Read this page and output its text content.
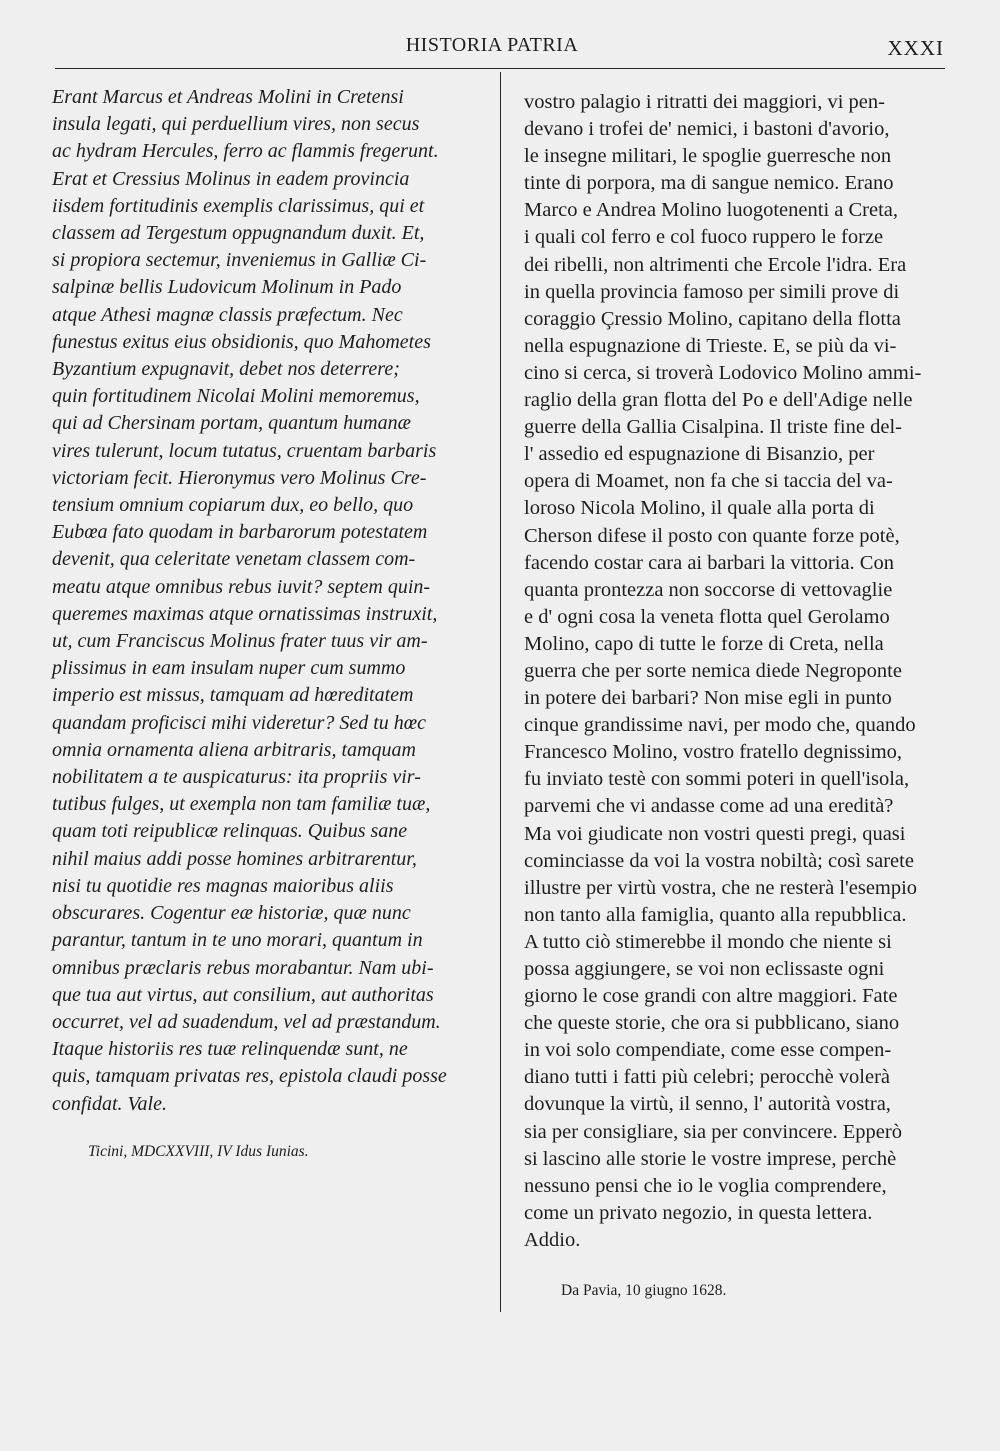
HISTORIA PATRIA	XXXI
Erant Marcus et Andreas Molini in Cretensi
insula legati, qui perduellium vires, non secus
ac hydram Hercules, ferro ac flammis fregerunt.
Erat et Cressius Molinus in eadem provincia
iisdem fortitudinis exemplis clarissimus, qui et
classem ad Tergestum oppugnandum duxit. Et,
si propiora sectemur, inveniemus in Galliæ Ci-
salpinæ bellis Ludovicum Molinum in Pado
atque Athesi magnæ classis præfectum. Nec
funestus exitus eius obsidionis, quo Mahometes
Byzantium expugnavit, debet nos deterrere;
quin fortitudinem Nicolai Molini memoremus,
qui ad Chersinam portam, quantum humanæ
vires tulerunt, locum tutatus, cruentam barbaris
victoriam fecit. Hieronymus vero Molinus Cre-
tensium omnium copiarum dux, eo bello, quo
Eubœa fato quodam in barbarorum potestatem
devenit, qua celeritate venetam classem com-
meatu atque omnibus rebus iuvit? septem quin-
queremes maximas atque ornatissimas instruxit,
ut, cum Franciscus Molinus frater tuus vir am-
plissimus in eam insulam nuper cum summo
imperio est missus, tamquam ad hœreditatem
quandam proficisci mihi videretur? Sed tu hœc
omnia ornamenta aliena arbitraris, tamquam
nobilitatem a te auspicaturus: ita propriis vir-
tutibus fulges, ut exempla non tam familiæ tuæ,
quam toti reipublicæ relinquas. Quibus sane
nihil maius addi posse homines arbitrarentur,
nisi tu quotidie res magnas maioribus aliis
obscurares. Cogentur eæ historiæ, quæ nunc
parantur, tantum in te uno morari, quantum in
omnibus præclaris rebus morabantur. Nam ubi-
que tua aut virtus, aut consilium, aut authoritas
occurret, vel ad suadendum, vel ad præstandum.
Itaque historiis res tuæ relinquendæ sunt, ne
quis, tamquam privatas res, epistola claudi posse
confidat. Vale.
Ticini, MDCXXVIII, IV Idus Iunias.
vostro palagio i ritratti dei maggiori, vi pen-
devano i trofei de' nemici, i bastoni d'avorio,
le insegne militari, le spoglie guerresche non
tinte di porpora, ma di sangue nemico. Erano
Marco e Andrea Molino luogotenenti a Creta,
i quali col ferro e col fuoco ruppero le forze
dei ribelli, non altrimenti che Ercole l'idra. Era
in quella provincia famoso per simili prove di
coraggio Çressio Molino, capitano della flotta
nella espugnazione di Trieste. E, se più da vi-
cino si cerca, si troverà Lodovico Molino ammi-
raglio della gran flotta del Po e dell'Adige nelle
guerre della Gallia Cisalpina. Il triste fine del-
l' assedio ed espugnazione di Bisanzio, per
opera di Moamet, non fa che si taccia del va-
loroso Nicola Molino, il quale alla porta di
Cherson difese il posto con quante forze potè,
facendo costar cara ai barbari la vittoria. Con
quanta prontezza non soccorse di vettovaglie
e d' ogni cosa la veneta flotta quel Gerolamo
Molino, capo di tutte le forze di Creta, nella
guerra che per sorte nemica diede Negroponte
in potere dei barbari? Non mise egli in punto
cinque grandissime navi, per modo che, quando
Francesco Molino, vostro fratello degnissimo,
fu inviato testè con sommi poteri in quell'isola,
parvemi che vi andasse come ad una eredità?
Ma voi giudicate non vostri questi pregi, quasi
cominciasse da voi la vostra nobiltà; così sarete
illustre per virtù vostra, che ne resterà l'esempio
non tanto alla famiglia, quanto alla repubblica.
A tutto ciò stimerebbe il mondo che niente si
possa aggiungere, se voi non eclissaste ogni
giorno le cose grandi con altre maggiori. Fate
che queste storie, che ora si pubblicano, siano
in voi solo compendiate, come esse compen-
diano tutti i fatti più celebri; perocchè volerà
dovunque la virtù, il senno, l' autorità vostra,
sia per consigliare, sia per convincere. Epperò
si lascino alle storie le vostre imprese, perchè
nessuno pensi che io le voglia comprendere,
come un privato negozio, in questa lettera.
Addio.
Da Pavia, 10 giugno 1628.
